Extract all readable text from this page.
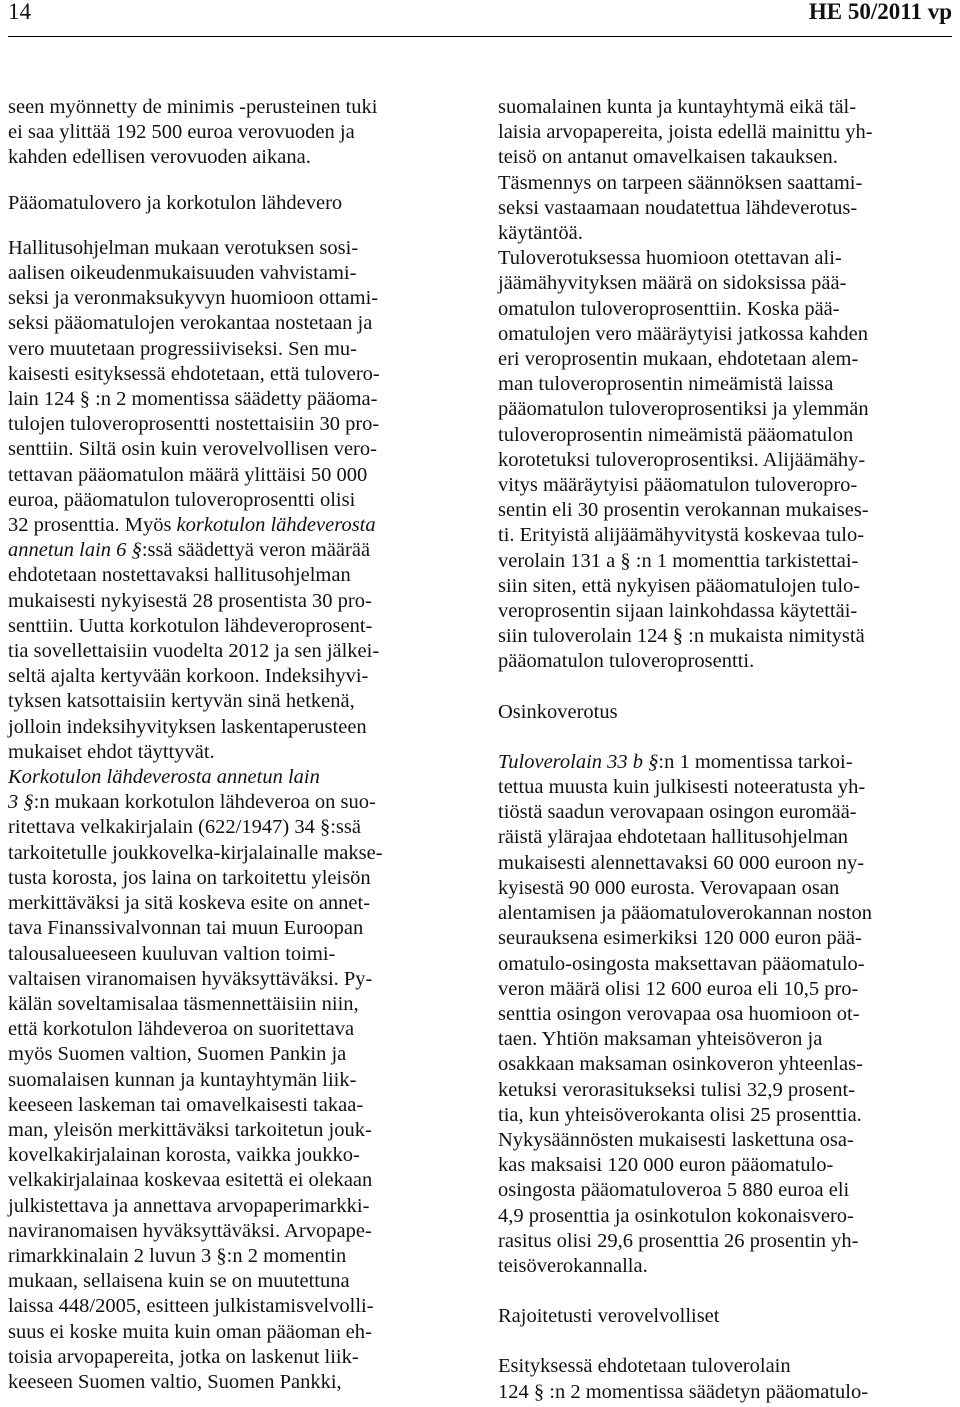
14	HE 50/2011 vp
seen myönnetty de minimis -perusteinen tuki
ei saa ylittää 192 500 euroa verovuoden ja
kahden edellisen verovuoden aikana.
Pääomatulovero ja korkotulon lähdevero
Hallitusohjelman mukaan verotuksen sosi-
aalisen oikeudenmukaisuuden vahvistami-
seksi ja veronmaksukyvyn huomioon ottami-
seksi pääomatulojen verokantaa nostetaan ja
vero muutetaan progressiiviseksi. Sen mu-
kaisesti esityksessä ehdotetaan, että tulovero-
lain 124 § :n 2 momentissa säädetty pääoma-
tulojen tuloveroprosentti nostettaisiin 30 pro-
senttiin. Siltä osin kuin verovelvollisen vero-
tettavan pääomatulon määrä ylittäisi 50 000
euroa, pääomatulon tuloveroprosentti olisi
32 prosenttia. Myös korkotulon lähdeverosta
annetun lain 6 §:ssä säädettyä veron määrää
ehdotetaan nostettavaksi hallitusohjelman
mukaisesti nykyisestä 28 prosentista 30 pro-
senttiin. Uutta korkotulon lähdeveroprosent-
tia sovellettaisiin vuodelta 2012 ja sen jälkei-
seltä ajalta kertyvään korkoon. Indeksihyvi-
tyksen katsottaisiin kertyvän sinä hetkenä,
jolloin indeksihyvityksen laskentaperusteen
mukaiset ehdot täyttyvät.
Korkotulon lähdeverosta annetun lain
3 §:n mukaan korkotulon lähdeveroa on suo-
ritettava velkakirjalain (622/1947) 34 §:ssä
tarkoitetulle joukkovelka-kirjalainalle makse-
tusta korosta, jos laina on tarkoitettu yleisön
merkittäväksi ja sitä koskeva esite on annet-
tava Finanssivalvonnan tai muun Euroopan
talousalueeseen kuuluvan valtion toimi-
valtaisen viranomaisen hyväksyttäväksi. Py-
kälän soveltamisalaa täsmennettäisiin niin,
että korkotulon lähdeveroa on suoritettava
myös Suomen valtion, Suomen Pankin ja
suomalaisen kunnan ja kuntayhtymän liik-
keeseen laskeman tai omavelkaisesti takaa-
man, yleisön merkittäväksi tarkoitetun jouk-
kovelkakirjalainan korosta, vaikka joukko-
velkakirjalainaa koskevaa esitettä ei olekaan
julkistettava ja annettava arvopaperimarkki-
naviranomaisen hyväksyttäväksi. Arvopape-
rimarkkinalain 2 luvun 3 §:n 2 momentin
mukaan, sellaisena kuin se on muutettuna
laissa 448/2005, esitteen julkistamisvelvolli-
suus ei koske muita kuin oman pääoman eh-
toisia arvopapereita, jotka on laskenut liik-
keeseen Suomen valtio, Suomen Pankki,
suomalainen kunta ja kuntayhtymä eikä täl-
laisia arvopapereita, joista edellä mainittu yh-
teisö on antanut omavelkaisen takauksen.
Täsmennys on tarpeen säännöksen saattami-
seksi vastaamaan noudatettua lähdeverotus-
käytäntöä.
Tuloverotuksessa huomioon otettavan ali-
jäämähyvityksen määrä on sidoksissa pää-
omatulon tuloveroprosenttiin. Koska pää-
omatulojen vero määräytyisi jatkossa kahden
eri veroprosentin mukaan, ehdotetaan alem-
man tuloveroprosentin nimeämistä laissa
pääomatulon tuloveroprosentiksi ja ylemmän
tuloveroprosentin nimeämistä pääomatulon
korotetuksi tuloveroprosentiksi. Alijäämähy-
vitys määräytyisi pääomatulon tuloveropro-
sentin eli 30 prosentin verokannan mukaises-
ti. Erityistä alijäämähyvitystä koskevaa tulo-
verolain 131 a § :n 1 momenttia tarkistettai-
siin siten, että nykyisen pääomatulojen tulo-
veroprosentin sijaan lainkohdassa käytettäi-
siin tuloverolain 124 § :n mukaista nimitystä
pääomatulon tuloveroprosentti.
Osinkoverotus
Tuloverolain 33 b §:n 1 momentissa tarkoi-
tettua muusta kuin julkisesti noteeratusta yh-
tiöstä saadun verovapaan osingon euromää-
räistä ylärajaa ehdotetaan hallitusohjelman
mukaisesti alennettavaksi 60 000 euroon ny-
kyisestä 90 000 eurosta. Verovapaan osan
alentamisen ja pääomatuloverokannan noston
seurauksena esimerkiksi 120 000 euron pää-
omatulo-osingosta maksettavan pääomatulo-
veron määrä olisi 12 600 euroa eli 10,5 pro-
senttia osingon verovapaa osa huomioon ot-
taen. Yhtiön maksaman yhteisöveron ja
osakkaan maksaman osinkoveron yhteenlas-
ketuksi verorasitukseksi tulisi 32,9 prosent-
tia, kun yhteisöverokanta olisi 25 prosenttia.
Nykysäännösten mukaisesti laskettuna osa-
kas maksaisi 120 000 euron pääomatulo-
osingosta pääomatuloveroa 5 880 euroa eli
4,9 prosenttia ja osinkotulon kokonaisvero-
rasitus olisi 29,6 prosenttia 26 prosentin yh-
teisöverokannalla.
Rajoitetusti verovelvolliset
Esityksessä ehdotetaan tuloverolain
124 § :n 2 momentissa säädetyn pääomatulo-
